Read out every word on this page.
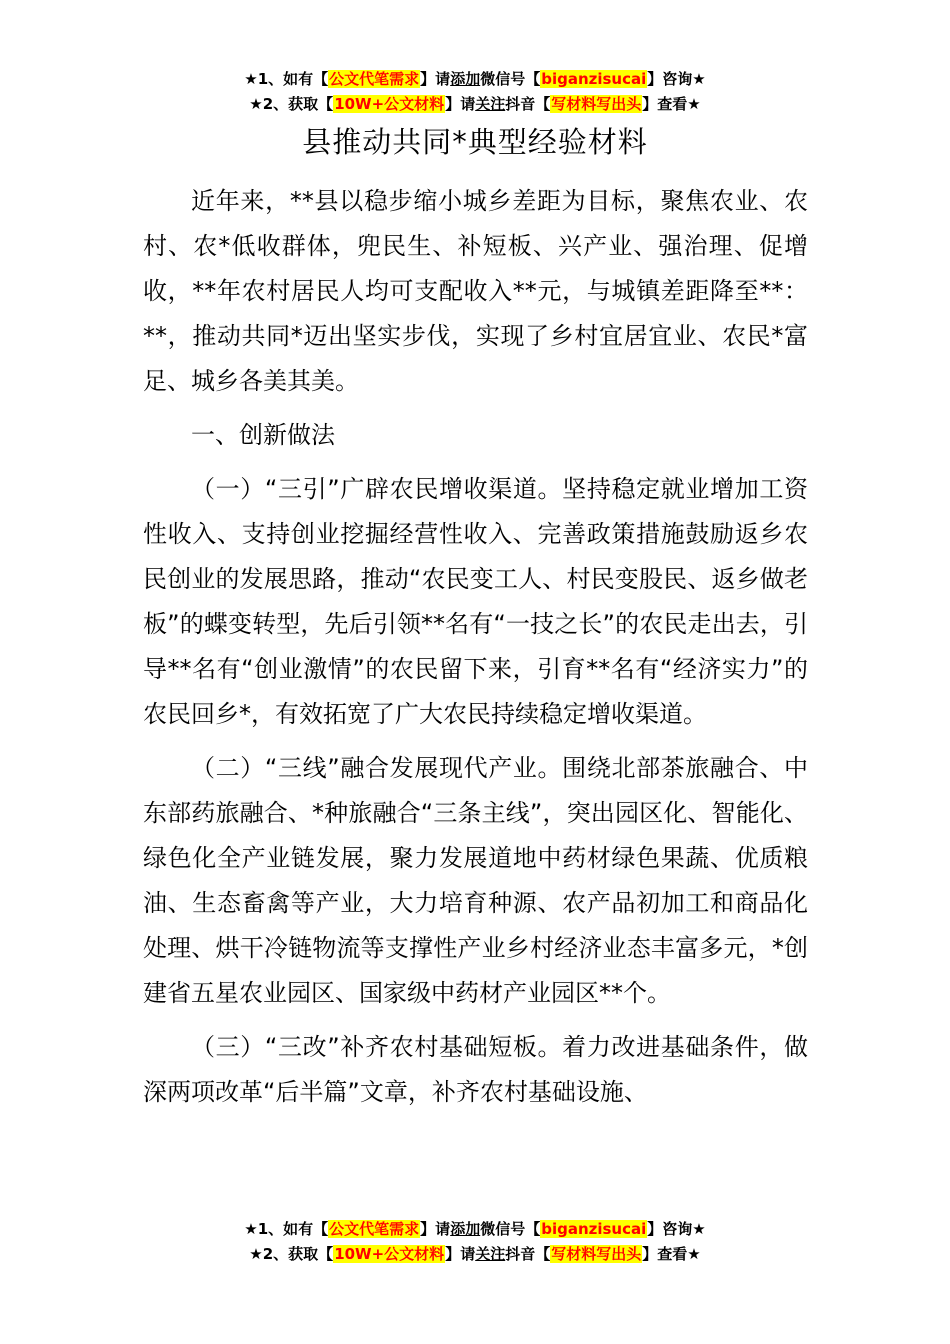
★1、如有【公文代笔需求】请添加微信号【biganzisucai】咨询★
★2、获取【10W+公文材料】请关注抖音【写材料写出头】查看★
县推动共同*典型经验材料

近年来，**县以稳步缩小城乡差距为目标，聚焦农业、农村、农*低收群体，兜民生、补短板、兴产业、强治理、促增收，**年农村居民人均可支配收入**元，与城镇差距降至**：**，推动共同*迈出坚实步伐，实现了乡村宜居宜业、农民*富足、城乡各美其美。

一、创新做法

（一）“三引”广辟农民增收渠道。坚持稳定就业增加工资性收入、支持创业挖掘经营性收入、完善政策措施鼓励返乡农民创业的发展思路，推动“农民变工人、村民变股民、返乡做老板”的蝶变转型，先后引领**名有“一技之长”的农民走出去，引导**名有“创业激情”的农民留下来，引育**名有“经济实力”的农民回乡*，有效拓宽了广大农民持续稳定增收渠道。

（二）“三线”融合发展现代产业。围绕北部茶旅融合、中东部药旅融合、*种旅融合“三条主线”，突出园区化、智能化、绿色化全产业链发展，聚力发展道地中药材绿色果蔬、优质粮油、生态畜禽等产业，大力培育种源、农产品初加工和商品化处理、烘干冷链物流等支撑性产业乡村经济业态丰富多元，*创建省五星农业园区、国家级中药材产业园区**个。

（三）“三改”补齐农村基础短板。着力改进基础条件，做深两项改革“后半篇”文章，补齐农村基础设施、

★1、如有【公文代笔需求】请添加微信号【biganzisucai】咨询★
★2、获取【10W+公文材料】请关注抖音【写材料写出头】查看★
